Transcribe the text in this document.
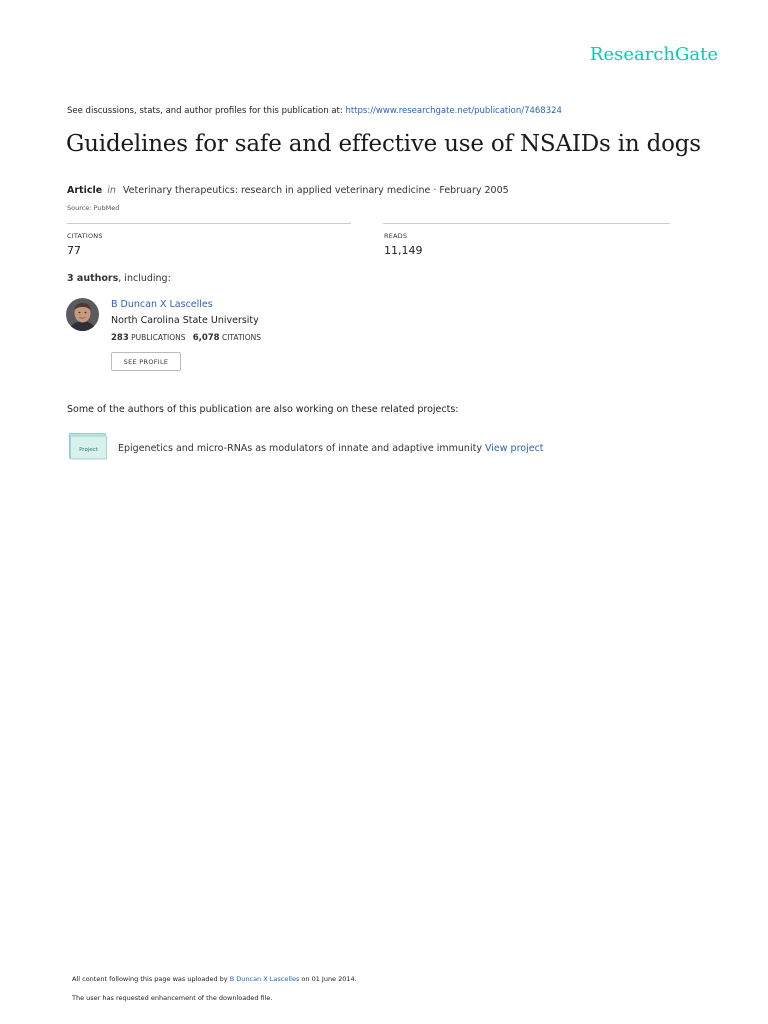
ResearchGate
See discussions, stats, and author profiles for this publication at: https://www.researchgate.net/publication/7468324
Guidelines for safe and effective use of NSAIDs in dogs
Article in Veterinary therapeutics: research in applied veterinary medicine · February 2005
Source: PubMed
CITATIONS
77
READS
11,149
3 authors, including:
B Duncan X Lascelles
North Carolina State University
283 PUBLICATIONS 6,078 CITATIONS
SEE PROFILE
Some of the authors of this publication are also working on these related projects:
Project Epigenetics and micro-RNAs as modulators of innate and adaptive immunity View project
All content following this page was uploaded by B Duncan X Lascelles on 01 June 2014.
The user has requested enhancement of the downloaded file.
